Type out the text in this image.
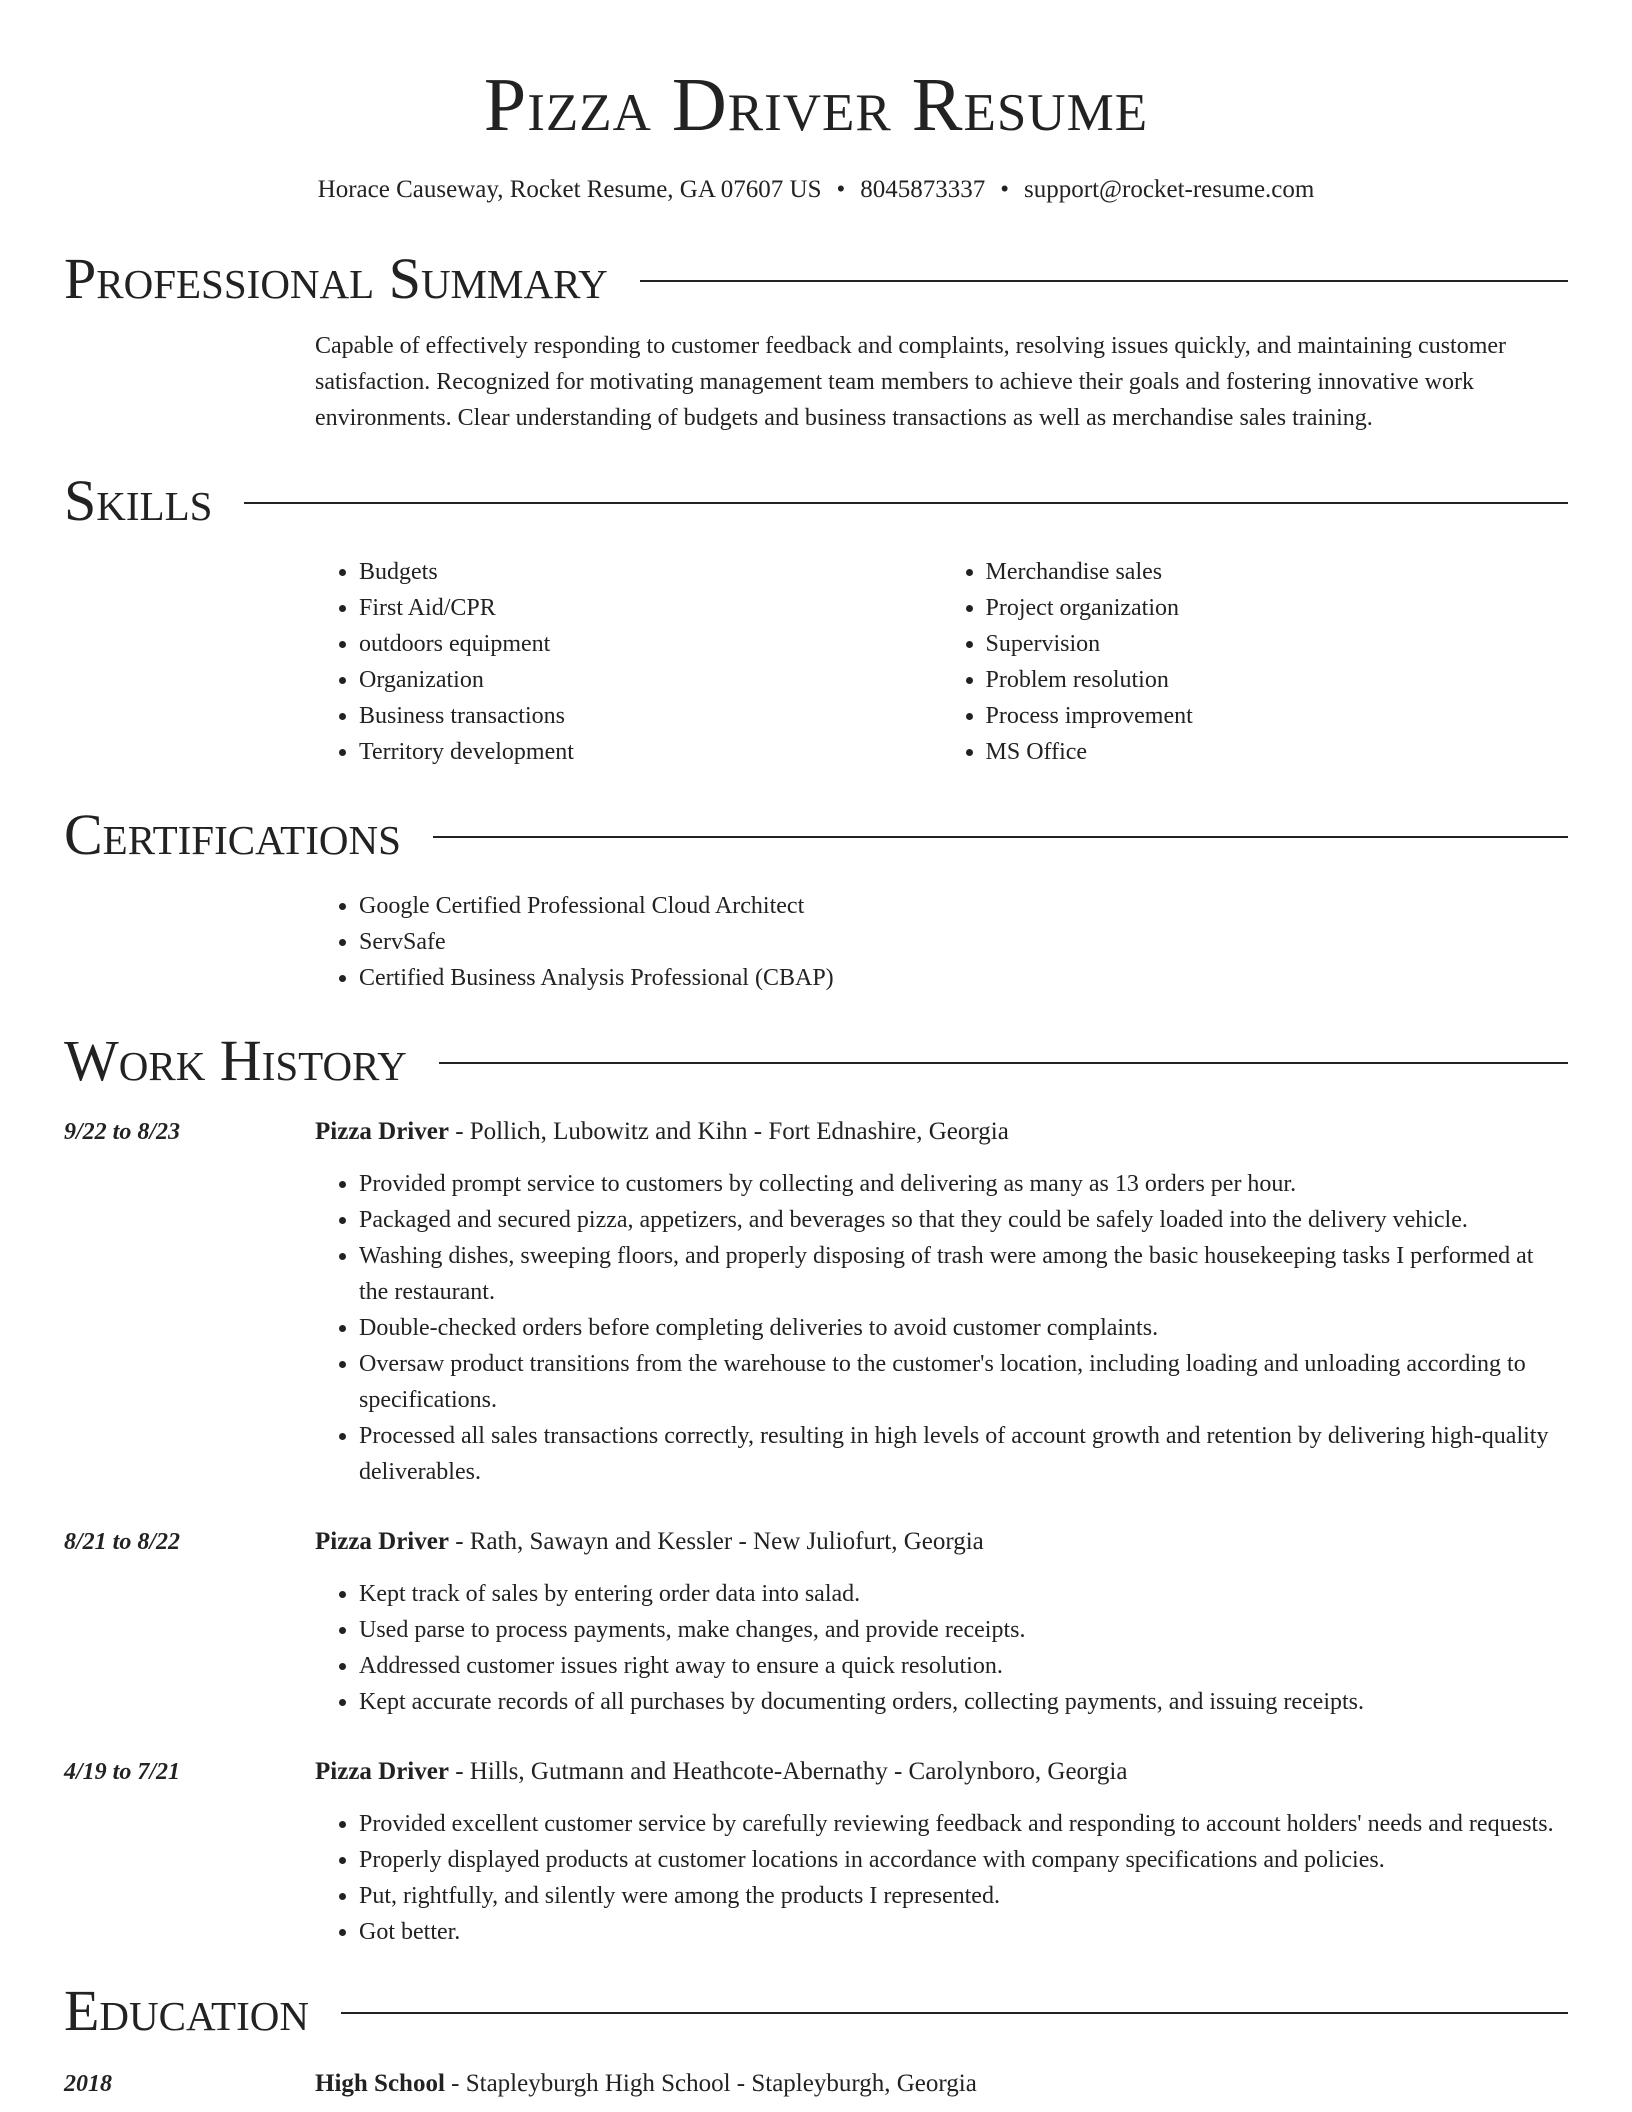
Pizza Driver Resume
Horace Causeway, Rocket Resume, GA 07607 US • 8045873337 • support@rocket-resume.com
Professional Summary
Capable of effectively responding to customer feedback and complaints, resolving issues quickly, and maintaining customer satisfaction. Recognized for motivating management team members to achieve their goals and fostering innovative work environments. Clear understanding of budgets and business transactions as well as merchandise sales training.
Skills
• Budgets
• First Aid/CPR
• outdoors equipment
• Organization
• Business transactions
• Territory development
• Merchandise sales
• Project organization
• Supervision
• Problem resolution
• Process improvement
• MS Office
Certifications
• Google Certified Professional Cloud Architect
• ServSafe
• Certified Business Analysis Professional (CBAP)
Work History
9/22 to 8/23	Pizza Driver - Pollich, Lubowitz and Kihn - Fort Ednashire, Georgia
• Provided prompt service to customers by collecting and delivering as many as 13 orders per hour.
• Packaged and secured pizza, appetizers, and beverages so that they could be safely loaded into the delivery vehicle.
• Washing dishes, sweeping floors, and properly disposing of trash were among the basic housekeeping tasks I performed at the restaurant.
• Double-checked orders before completing deliveries to avoid customer complaints.
• Oversaw product transitions from the warehouse to the customer's location, including loading and unloading according to specifications.
• Processed all sales transactions correctly, resulting in high levels of account growth and retention by delivering high-quality deliverables.
8/21 to 8/22	Pizza Driver - Rath, Sawayn and Kessler - New Juliofurt, Georgia
• Kept track of sales by entering order data into salad.
• Used parse to process payments, make changes, and provide receipts.
• Addressed customer issues right away to ensure a quick resolution.
• Kept accurate records of all purchases by documenting orders, collecting payments, and issuing receipts.
4/19 to 7/21	Pizza Driver - Hills, Gutmann and Heathcote-Abernathy - Carolynboro, Georgia
• Provided excellent customer service by carefully reviewing feedback and responding to account holders' needs and requests.
• Properly displayed products at customer locations in accordance with company specifications and policies.
• Put, rightfully, and silently were among the products I represented.
• Got better.
Education
2018	High School - Stapleyburgh High School - Stapleyburgh, Georgia
